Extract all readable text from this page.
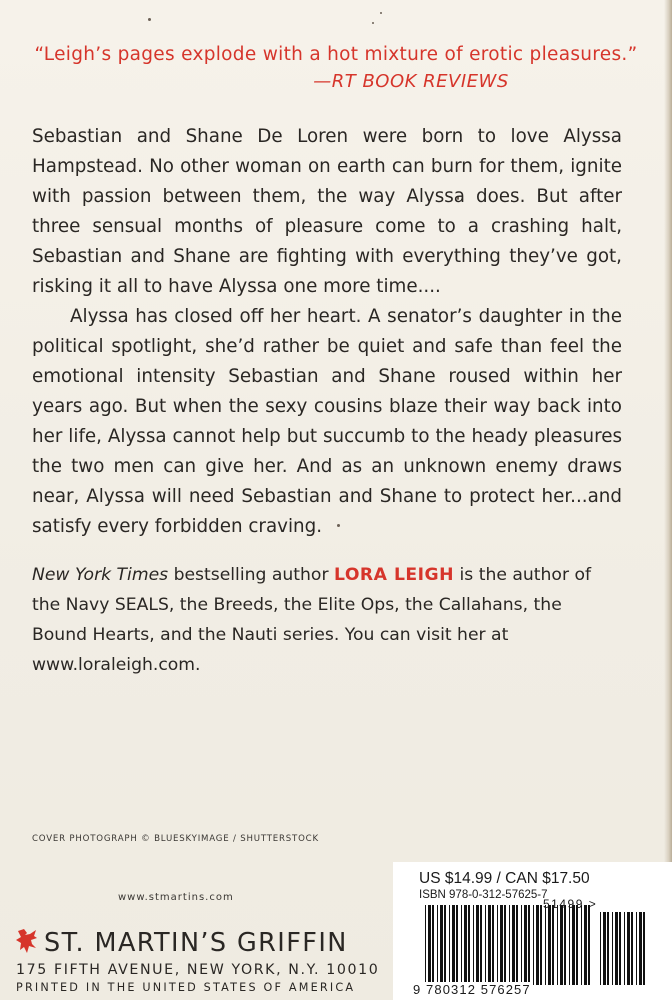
“Leigh’s pages explode with a hot mixture of erotic pleasures.”
—RT BOOK REVIEWS

Sebastian and Shane De Loren were born to love Alyssa Hampstead. No other woman on earth can burn for them, ignite with passion between them, the way Alyssa does. But after three sensual months of pleasure come to a crashing halt, Sebastian and Shane are fighting with everything they’ve got, risking it all to have Alyssa one more time....

Alyssa has closed off her heart. A senator’s daughter in the political spotlight, she’d rather be quiet and safe than feel the emotional intensity Sebastian and Shane roused within her years ago. But when the sexy cousins blaze their way back into her life, Alyssa cannot help but succumb to the heady pleasures the two men can give her. And as an unknown enemy draws near, Alyssa will need Sebastian and Shane to protect her...and satisfy every forbidden craving.

New York Times bestselling author LORA LEIGH is the author of the Navy SEALS, the Breeds, the Elite Ops, the Callahans, the Bound Hearts, and the Nauti series. You can visit her at www.loraleigh.com.
COVER PHOTOGRAPH © BLUESKYIMAGE / SHUTTERSTOCK
www.stmartins.com
ST. MARTIN’S GRIFFIN
175 FIFTH AVENUE, NEW YORK, N.Y. 10010
PRINTED IN THE UNITED STATES OF AMERICA
US $14.99 / CAN $17.50
ISBN 978-0-312-57625-7
51499 >
9 780312 576257
